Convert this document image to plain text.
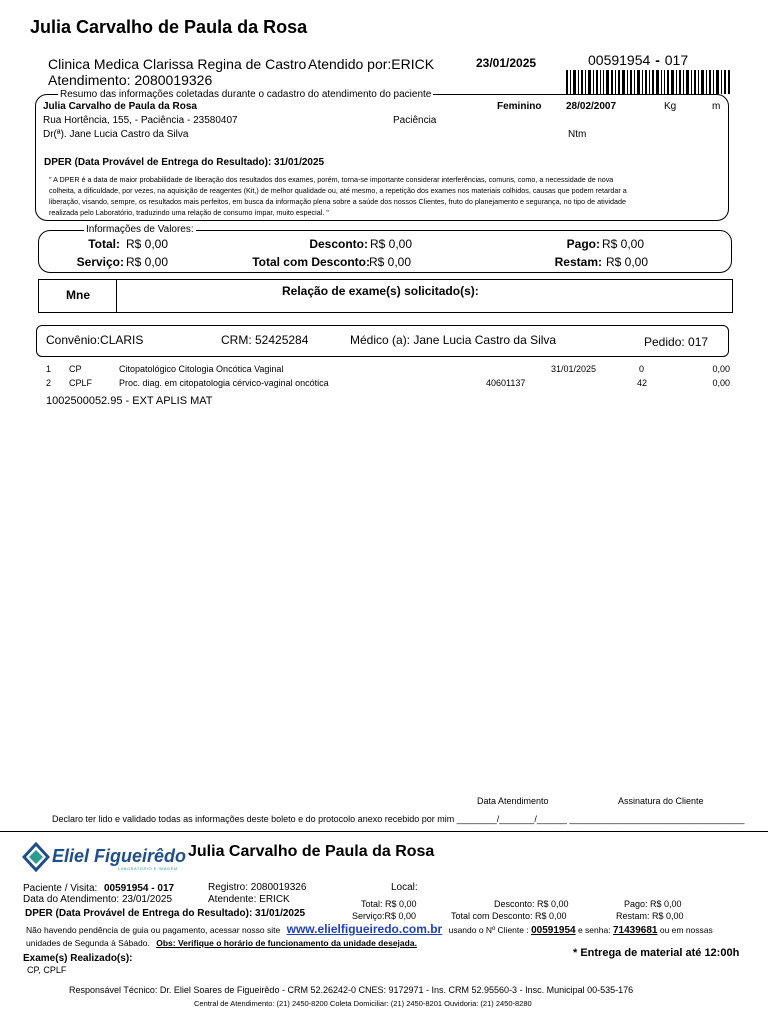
Julia Carvalho de Paula da Rosa
Clinica Medica Clarissa Regina de Castro Atendido por:ERICK	23/01/2025
Atendimento: 2080019326
00591954 - 017
Resumo das informações coletadas durante o cadastro do atendimento do paciente
Julia Carvalho de Paula da Rosa	Feminino 28/02/2007	Kg	m
Rua Hortência, 155, - Paciência - 23580407	Paciência
Dr(ª). Jane Lucia Castro da Silva	Ntm
DPER (Data Provável de Entrega do Resultado): 31/01/2025
" A DPER é a data de maior probabilidade de liberação dos resultados dos exames, porém, torna-se importante considerar interferências, comuns, como, a necessidade de nova
colheita, a dificuldade, por vezes, na aquisição de reagentes (Kit,) de melhor qualidade ou, até mesmo, a repetição dos exames nos materiais colhidos, causas que podem retardar a
liberação, visando, sempre, os resultados mais perfeitos, em busca da informação plena sobre a saúde dos nossos Clientes, fruto do planejamento e segurança, no tipo de atividade
realizada pelo Laboratório, traduzindo uma relação de consumo ímpar, muito especial. "
Informações de Valores:
Total: R$ 0,00	Desconto: R$ 0,00	Pago: R$ 0,00
Serviço: R$ 0,00	Total com Desconto: R$ 0,00	Restam: R$ 0,00
Mne	Relação de exame(s) solicitado(s):
Convênio:CLARIS	CRM: 52425284	Médico (a): Jane Lucia Castro da Silva	Pedido: 017
1 CP	Citopatológico Citologia Oncótica Vaginal	31/01/2025	0	0,00
2 CPLF	Proc. diag. em citopatologia cérvico-vaginal oncótica	40601137	42	0,00
1002500052.95 - EXT APLIS MAT
Data Atendimento	Assinatura do Cliente
Declaro ter lido e validado todas as informações deste boleto e do protocolo anexo recebido por mim ________/_______/______ ___________________________________
Eliel Figueirêdo
LABORATÓRIO E IMAGEM
Julia Carvalho de Paula da Rosa
Paciente / Visita: 00591954 - 017	Registro: 2080019326	Local:
Data do Atendimento: 23/01/2025	Atendente: ERICK	Total: R$ 0,00	Desconto: R$ 0,00	Pago: R$ 0,00
Serviço:R$ 0,00	Total com Desconto: R$ 0,00	Restam: R$ 0,00
DPER (Data Provável de Entrega do Resultado): 31/01/2025
Não havendo pendência de guia ou pagamento, acessar nosso site www.elielfigueiredo.com.br usando o Nº Cliente : 00591954 e senha: 71439681 ou em nossas
unidades de Segunda à Sábado. Obs: Verifique o horário de funcionamento da unidade desejada.
* Entrega de material até 12:00h
Exame(s) Realizado(s):
CP, CPLF
Responsável Técnico: Dr. Eliel Soares de Figueirêdo - CRM 52.26242-0 CNES: 9172971 - Ins. CRM 52.95560-3 - Insc. Municipal 00-535-176
Central de Atendimento: (21) 2450-8200 Coleta Domiciliar: (21) 2450-8201 Ouvidoria: (21) 2450-8280
